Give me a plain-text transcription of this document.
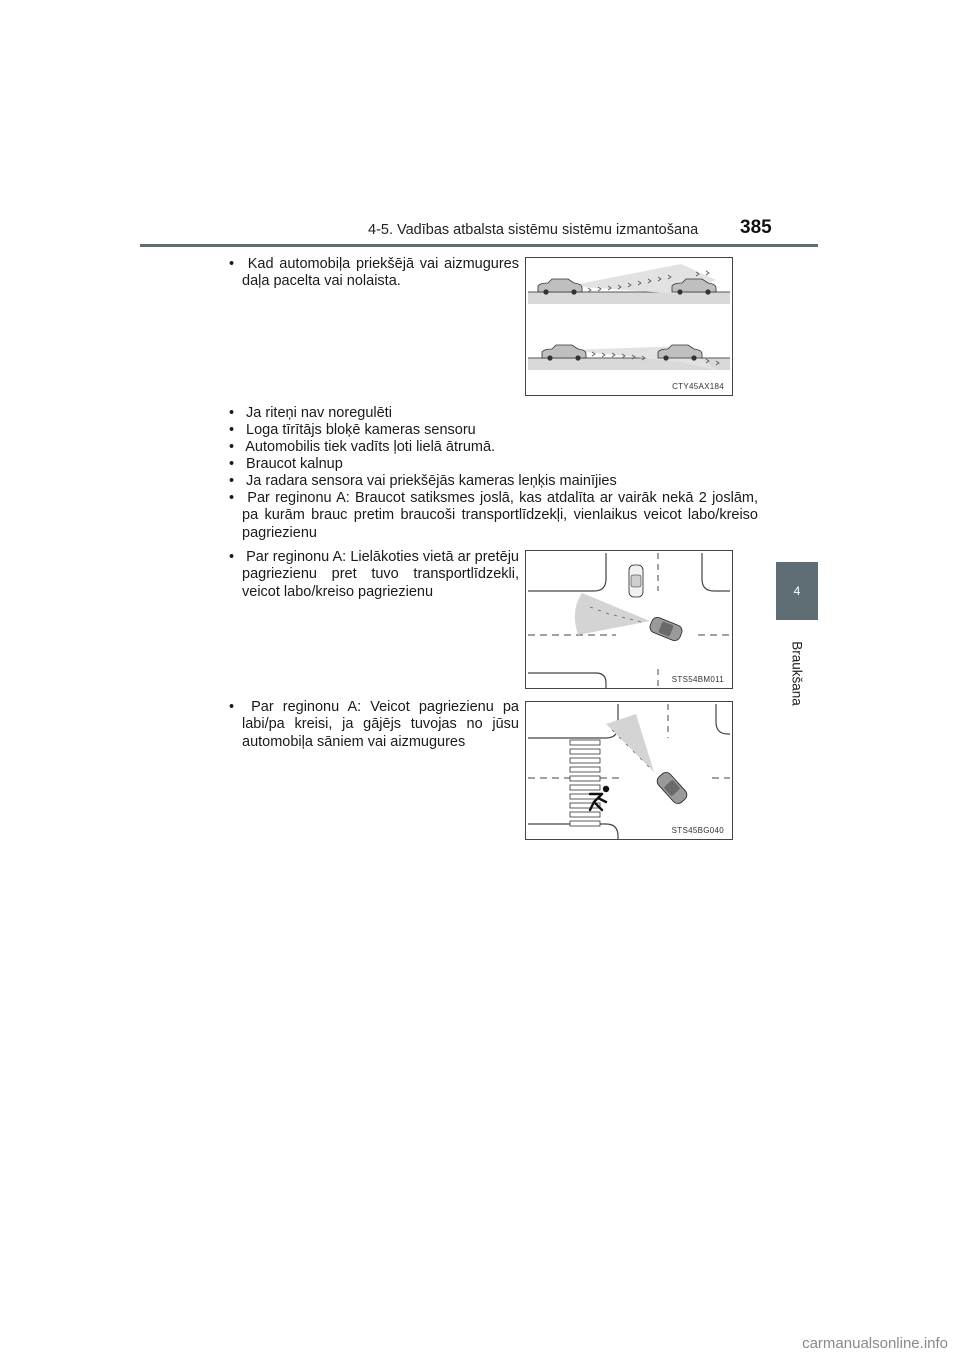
4-5. Vadības atbalsta sistēmu sistēmu izmantošana 385
4
Braukšana
• Kad automobiļa priekšējā vai aizmugures daļa pacelta vai nolaista.
CTY45AX184
• Ja riteņi nav noregulēti
• Loga tīrītājs bloķē kameras sensoru
• Automobilis tiek vadīts ļoti lielā ātrumā.
• Braucot kalnup
• Ja radara sensora vai priekšējās kameras leņķis mainījies
• Par reginonu A: Braucot satiksmes joslā, kas atdalīta ar vairāk nekā 2 joslām, pa kurām brauc pretim braucoši transportlīdzekļi, vienlaikus veicot labo/kreiso pagriezienu
• Par reginonu A: Lielākoties vietā ar pretēju pagriezienu pret tuvo transportlīdzekli, veicot labo/kreiso pagriezienu
STS54BM011
• Par reginonu A: Veicot pagriezienu pa labi/pa kreisi, ja gājējs tuvojas no jūsu automobiļa sāniem vai aizmugures
STS45BG040
carmanualsonline.info
